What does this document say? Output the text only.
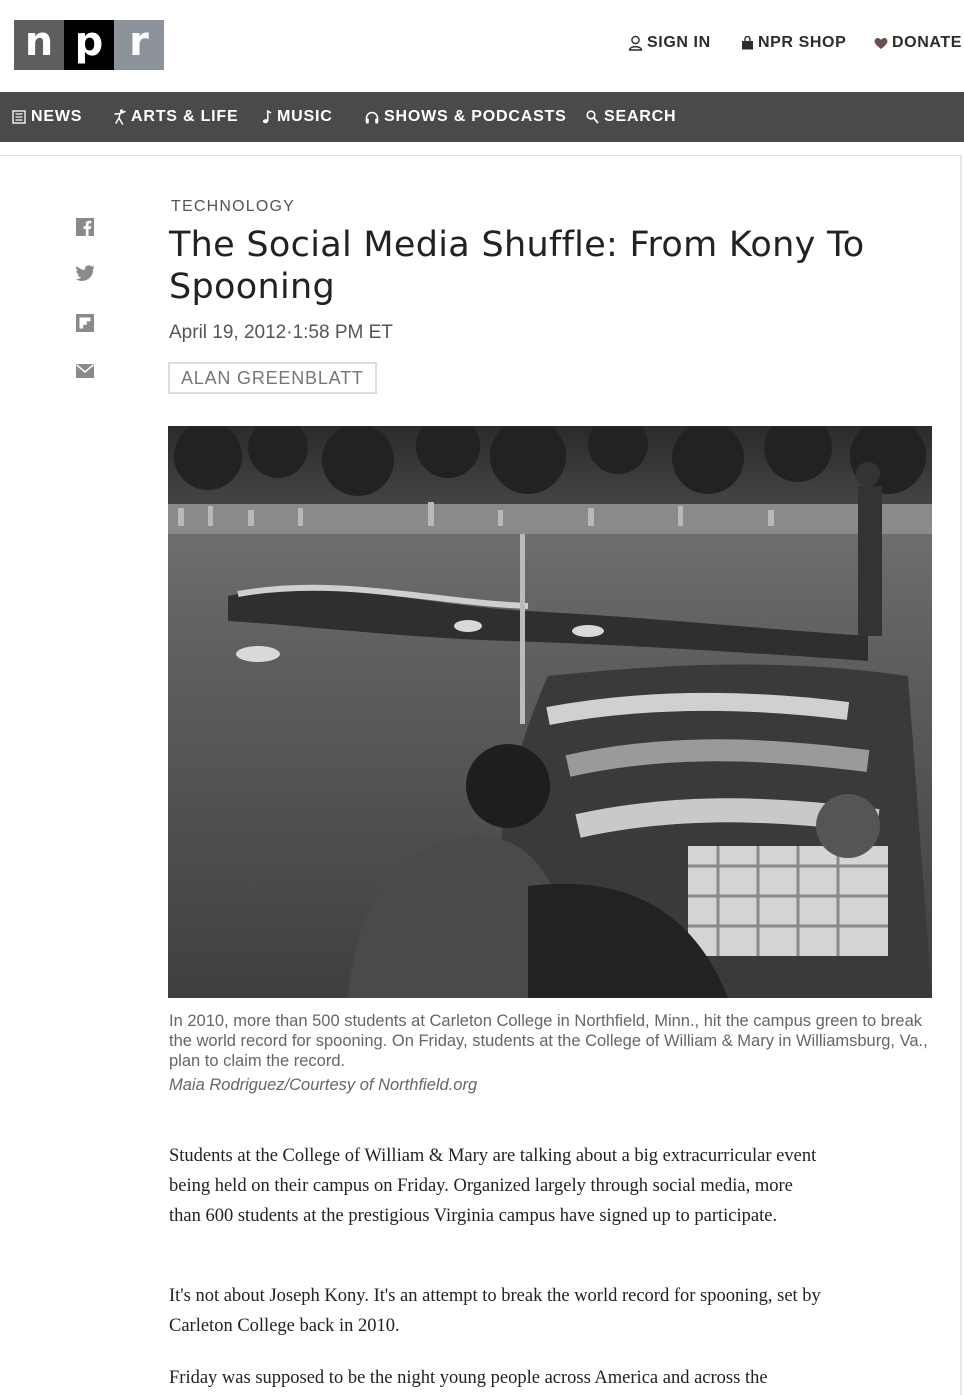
n p r	SIGN IN	NPR SHOP	DONATE
NEWS	ARTS & LIFE MUSIC	SHOWS & PODCASTS SEARCH
TECHNOLOGY
The Social Media Shuffle: From Kony To Spooning
April 19, 2012·1:58 PM ET
ALAN GREENBLATT
In 2010, more than 500 students at Carleton College in Northfield, Minn., hit the campus green to break the world record for spooning. On Friday, students at the College of William & Mary in Williamsburg, Va., plan to claim the record.
Maia Rodriguez/Courtesy of Northfield.org

Students at the College of William & Mary are talking about a big extracurricular event being held on their campus on Friday. Organized largely through social media, more than 600 students at the prestigious Virginia campus have signed up to participate.

It's not about Joseph Kony. It's an attempt to break the world record for spooning, set by Carleton College back in 2010.

Friday was supposed to be the night young people across America and across the
